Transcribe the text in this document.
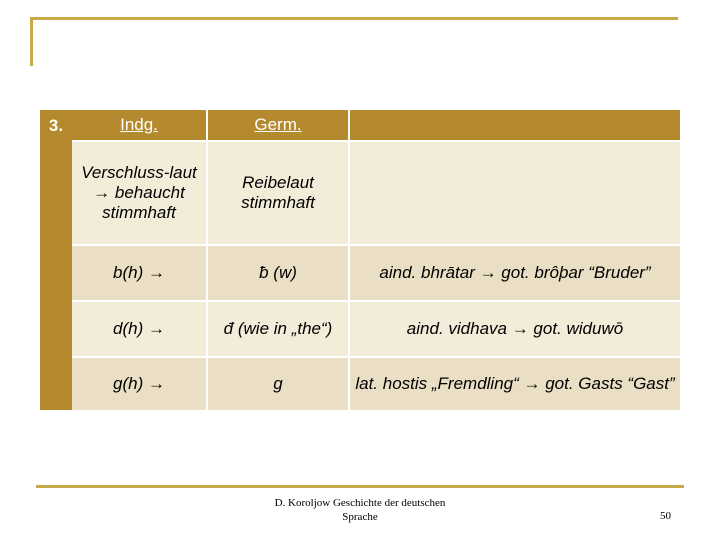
3.	Indg.	Germ.	
	Verschluss-laut → behaucht stimmhaft	Reibelaut stimmhaft	
	b(h) →	ƀ (w)	aind. bhrātar → got. brôþar “Bruder”
	d(h) →	đ (wie in „the“)	aind. vidhava → got. widuwō
	g(h) →	g	lat. hostis „Fremdling“ → got. Gasts “Gast”
D. Koroljow Geschichte der deutschen Sprache	50
